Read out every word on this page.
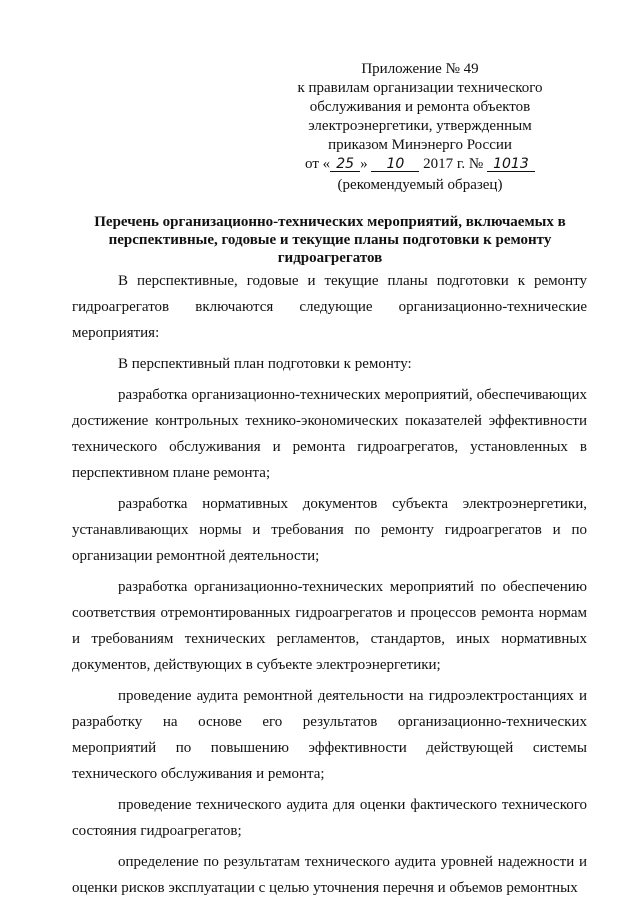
Приложение № 49
к правилам организации технического
обслуживания и ремонта объектов
электроэнергетики, утвержденным
приказом Минэнерго России
от « 25 » 10 2017 г. № 1013
(рекомендуемый образец)
Перечень организационно-технических мероприятий, включаемых в перспективные, годовые и текущие планы подготовки к ремонту гидроагрегатов

В перспективные, годовые и текущие планы подготовки к ремонту гидроагрегатов включаются следующие организационно-технические мероприятия:

В перспективный план подготовки к ремонту:

разработка организационно-технических мероприятий, обеспечивающих достижение контрольных технико-экономических показателей эффективности технического обслуживания и ремонта гидроагрегатов, установленных в перспективном плане ремонта;

разработка нормативных документов субъекта электроэнергетики, устанавливающих нормы и требования по ремонту гидроагрегатов и по организации ремонтной деятельности;

разработка организационно-технических мероприятий по обеспечению соответствия отремонтированных гидроагрегатов и процессов ремонта нормам и требованиям технических регламентов, стандартов, иных нормативных документов, действующих в субъекте электроэнергетики;

проведение аудита ремонтной деятельности на гидроэлектростанциях и разработку на основе его результатов организационно-технических мероприятий по повышению эффективности действующей системы технического обслуживания и ремонта;

проведение технического аудита для оценки фактического технического состояния гидроагрегатов;

определение по результатам технического аудита уровней надежности и оценки рисков эксплуатации с целью уточнения перечня и объемов ремонтных
